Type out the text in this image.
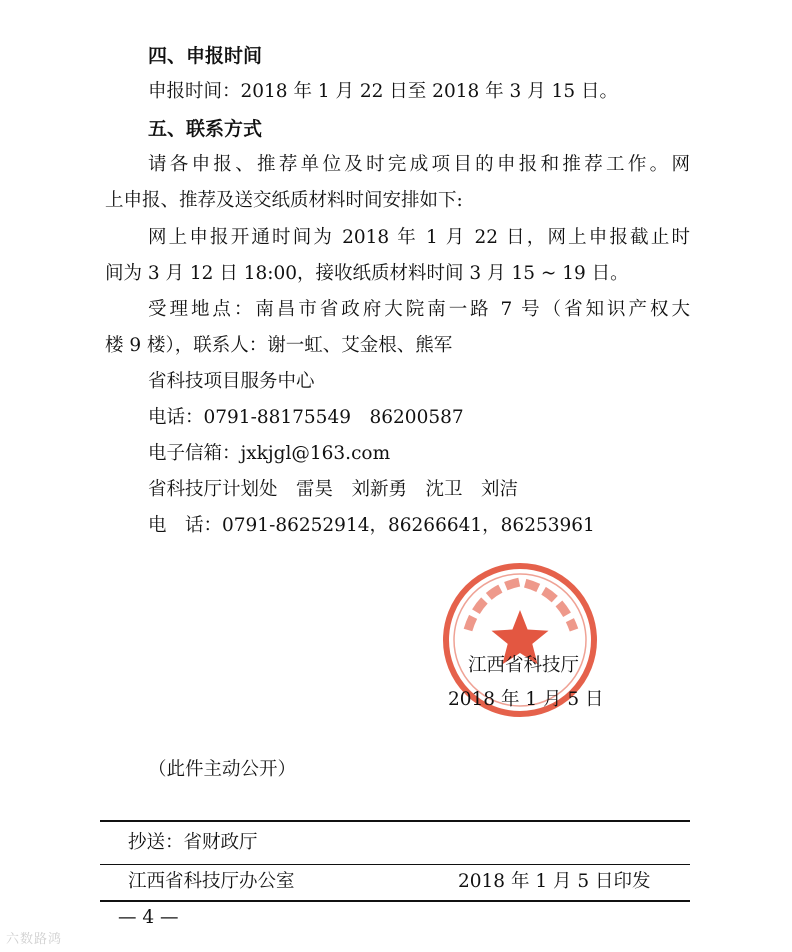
四、申报时间
申报时间：2018 年 1 月 22 日至 2018 年 3 月 15 日。
五、联系方式
请各申报、推荐单位及时完成项目的申报和推荐工作。网
上申报、推荐及送交纸质材料时间安排如下:
网上申报开通时间为 2018 年 1 月 22 日，网上申报截止时
间为 3 月 12 日 18:00，接收纸质材料时间 3 月 15 ~ 19 日。
受理地点：南昌市省政府大院南一路 7 号（省知识产权大
楼 9 楼），联系人：谢一虹、艾金根、熊军
省科技项目服务中心
电话：0791-88175549　86200587
电子信箱：jxkjgl@163.com
省科技厅计划处　雷昊　刘新勇　沈卫　刘洁
电　话：0791-86252914，86266641，86253961
江西省科技厅
2018 年 1 月 5 日
（此件主动公开）
抄送：省财政厅
江西省科技厅办公室	2018 年 1 月 5 日印发
— 4 —
六数路鸿
